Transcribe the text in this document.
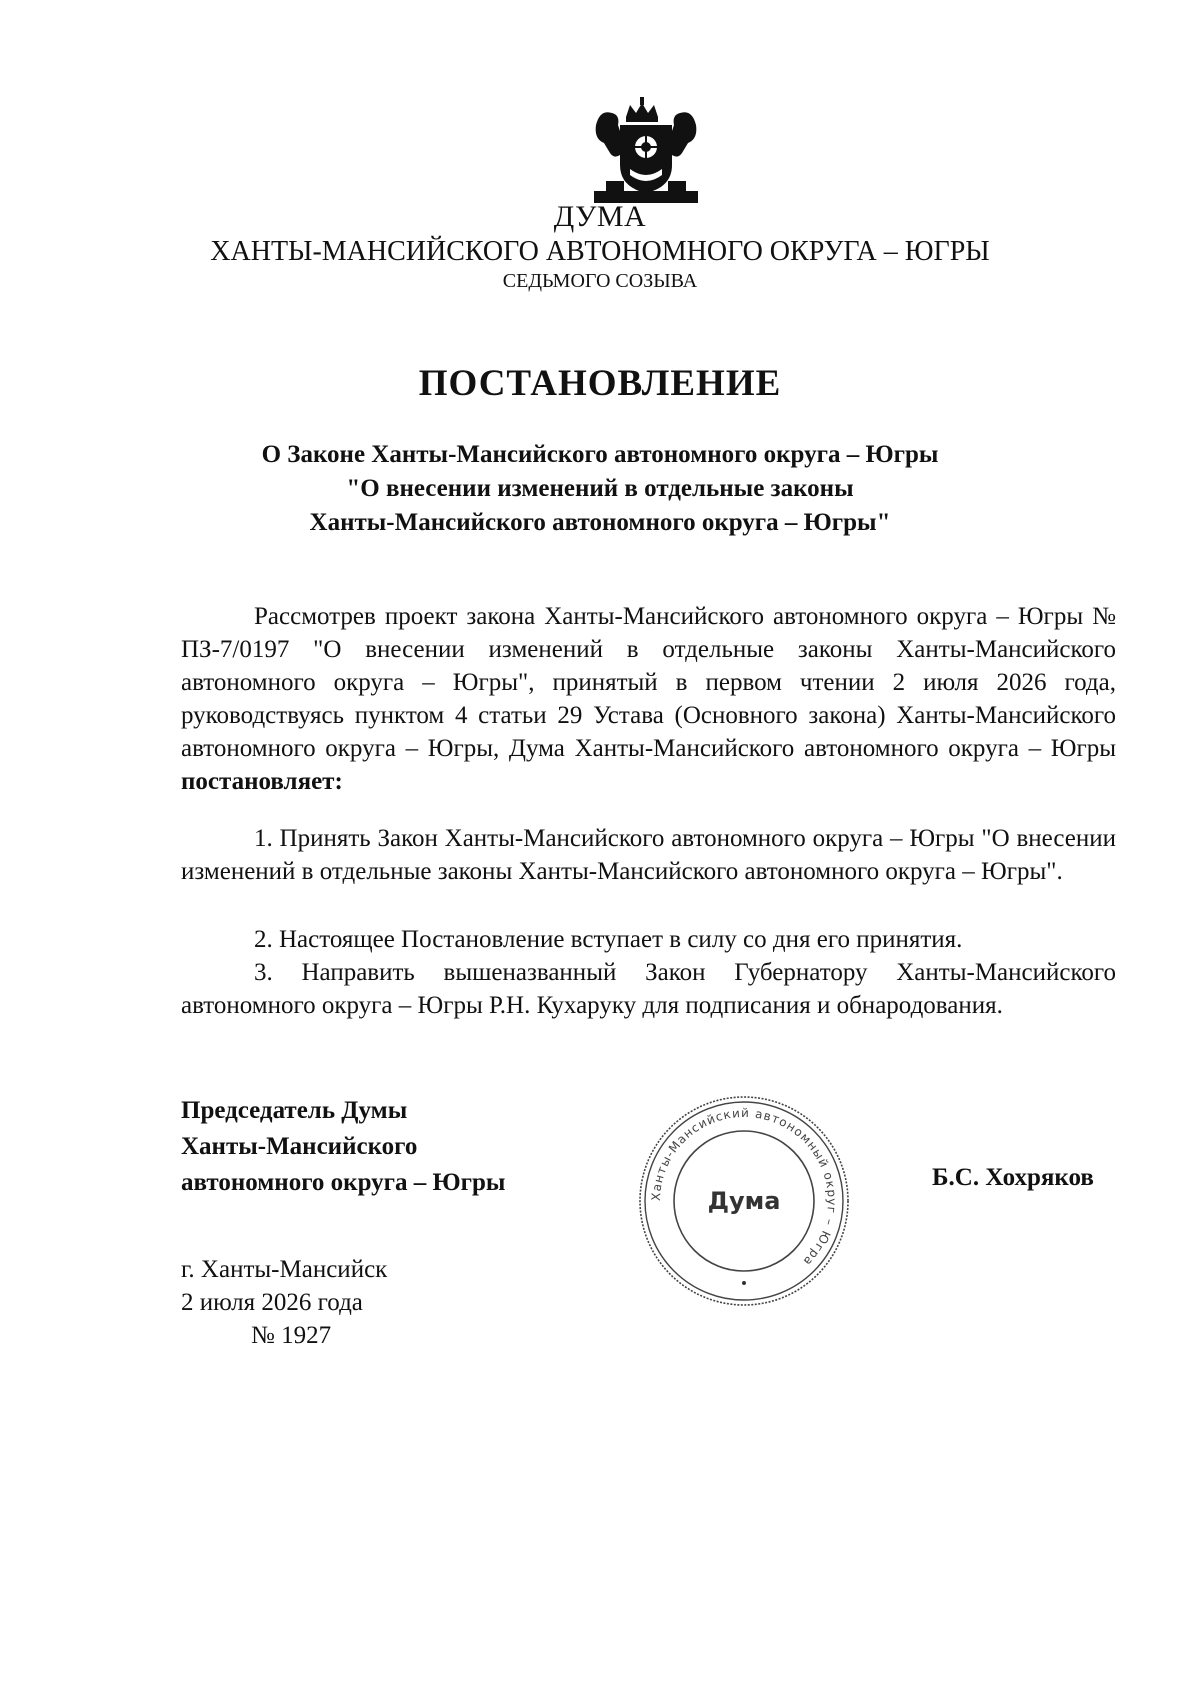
ДУМА
ХАНТЫ-МАНСИЙСКОГО АВТОНОМНОГО ОКРУГА – ЮГРЫ
СЕДЬМОГО СОЗЫВА
ПОСТАНОВЛЕНИЕ
О Законе Ханты-Мансийского автономного округа – Югры
"О внесении изменений в отдельные законы
Ханты-Мансийского автономного округа – Югры"
Рассмотрев проект закона Ханты-Мансийского автономного округа – Югры № ПЗ-7/0197 "О внесении изменений в отдельные законы Ханты-Мансийского автономного округа – Югры", принятый в первом чтении 2 июля 2026 года, руководствуясь пунктом 4 статьи 29 Устава (Основного закона) Ханты-Мансийского автономного округа – Югры, Дума Ханты-Мансийского автономного округа – Югры постановляет:
1. Принять Закон Ханты-Мансийского автономного округа – Югры "О внесении изменений в отдельные законы Ханты-Мансийского автономного округа – Югры".
2. Настоящее Постановление вступает в силу со дня его принятия.
3. Направить вышеназванный Закон Губернатору Ханты-Мансийского автономного округа – Югры Р.Н. Кухаруку для подписания и обнародования.
Председатель Думы
Ханты-Мансийского
автономного округа – Югры
Ханты-Мансийский автономный округ – Югра
Дума
Б.С. Хохряков
г. Ханты-Мансийск
2 июля 2026 года
№ 1927
